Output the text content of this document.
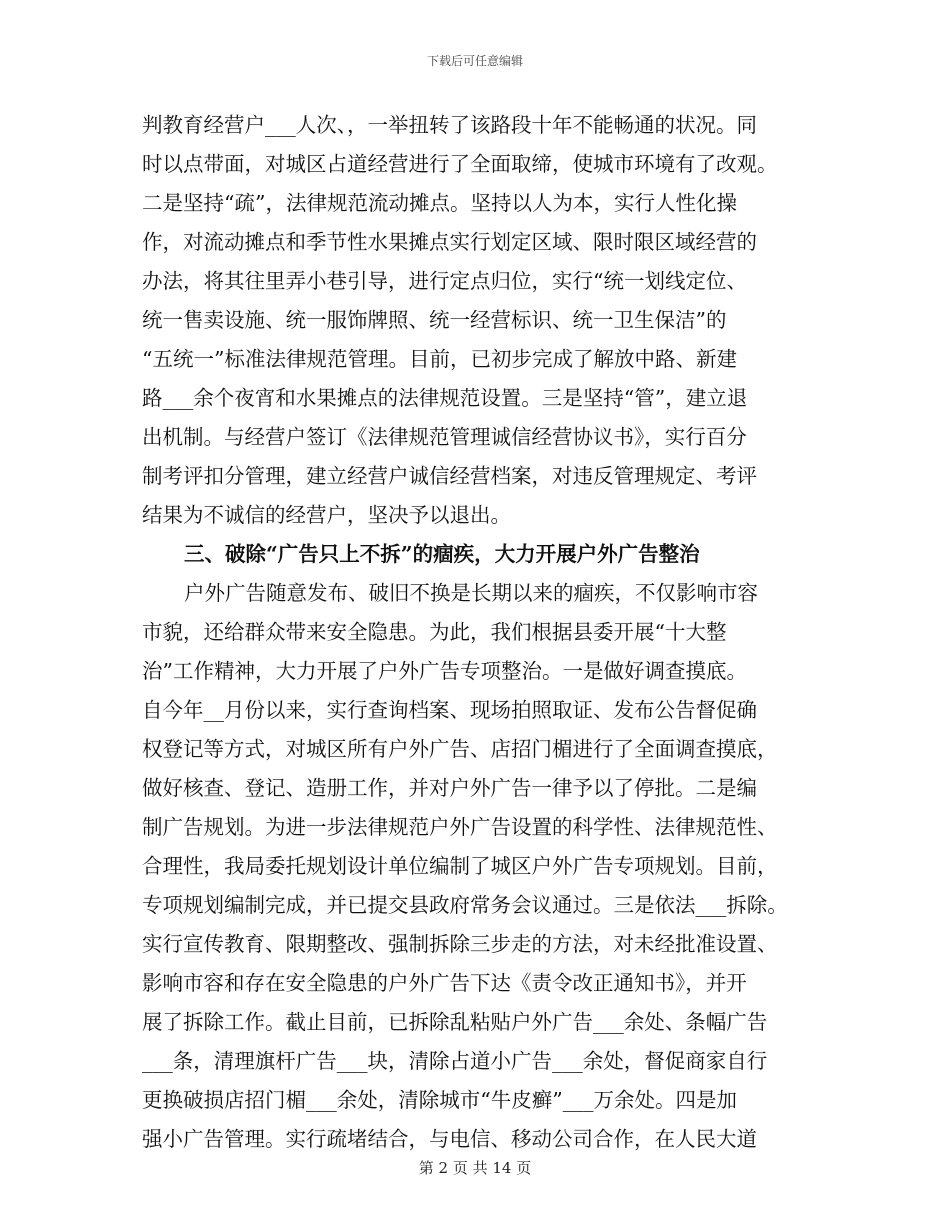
下载后可任意编辑
判教育经营户___人次、，一举扭转了该路段十年不能畅通的状况。同
时以点带面，对城区占道经营进行了全面取缔，使城市环境有了改观。
二是坚持“疏”，法律规范流动摊点。坚持以人为本，实行人性化操
作，对流动摊点和季节性水果摊点实行划定区域、限时限区域经营的
办法，将其往里弄小巷引导，进行定点归位，实行“统一划线定位、
统一售卖设施、统一服饰牌照、统一经营标识、统一卫生保洁”的
“五统一”标准法律规范管理。目前，已初步完成了解放中路、新建
路___余个夜宵和水果摊点的法律规范设置。三是坚持“管”，建立退
出机制。与经营户签订《法律规范管理诚信经营协议书》，实行百分
制考评扣分管理，建立经营户诚信经营档案，对违反管理规定、考评
结果为不诚信的经营户，坚决予以退出。
三、破除“广告只上不拆”的痼疾，大力开展户外广告整治
户外广告随意发布、破旧不换是长期以来的痼疾，不仅影响市容
市貌，还给群众带来安全隐患。为此，我们根据县委开展“十大整
治”工作精神，大力开展了户外广告专项整治。一是做好调查摸底。
自今年__月份以来，实行查询档案、现场拍照取证、发布公告督促确
权登记等方式，对城区所有户外广告、店招门楣进行了全面调查摸底，
做好核查、登记、造册工作，并对户外广告一律予以了停批。二是编
制广告规划。为进一步法律规范户外广告设置的科学性、法律规范性、
合理性，我局委托规划设计单位编制了城区户外广告专项规划。目前，
专项规划编制完成，并已提交县政府常务会议通过。三是依法___拆除。
实行宣传教育、限期整改、强制拆除三步走的方法，对未经批准设置、
影响市容和存在安全隐患的户外广告下达《责令改正通知书》，并开
展了拆除工作。截止目前，已拆除乱粘贴户外广告___余处、条幅广告
___条，清理旗杆广告___块，清除占道小广告___余处，督促商家自行
更换破损店招门楣___余处，清除城市“牛皮癣”___万余处。四是加
强小广告管理。实行疏堵结合，与电信、移动公司合作，在人民大道
第 2 页 共 14 页
